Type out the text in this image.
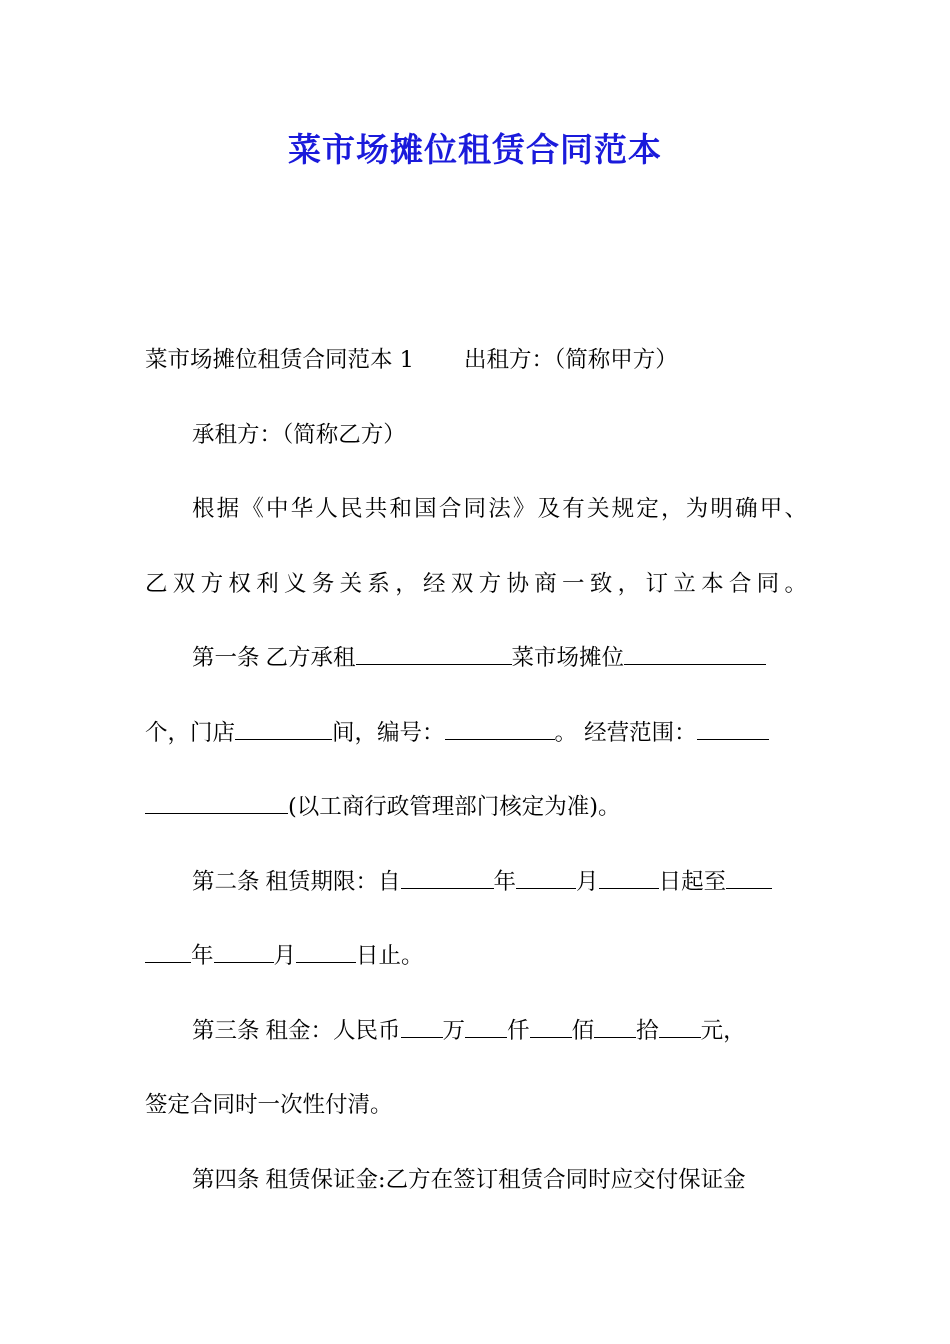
菜市场摊位租赁合同范本
菜市场摊位租赁合同范本 1 出租方：（简称甲方）
承租方：（简称乙方）
根据《中华人民共和国合同法》及有关规定，为明确甲、
乙双方权利义务关系，经双方协商一致，订立本合同。
第一条 乙方承租	菜市场摊位
个，门店	间，编号：	。 经营范围：
(以工商行政管理部门核定为准)。
第二条 租赁期限：自	年	月	日起至
年	月	日止。
第三条 租金：人民币 万 仟 佰 拾 元，
签定合同时一次性付清。
第四条 租赁保证金:乙方在签订租赁合同时应交付保证金
